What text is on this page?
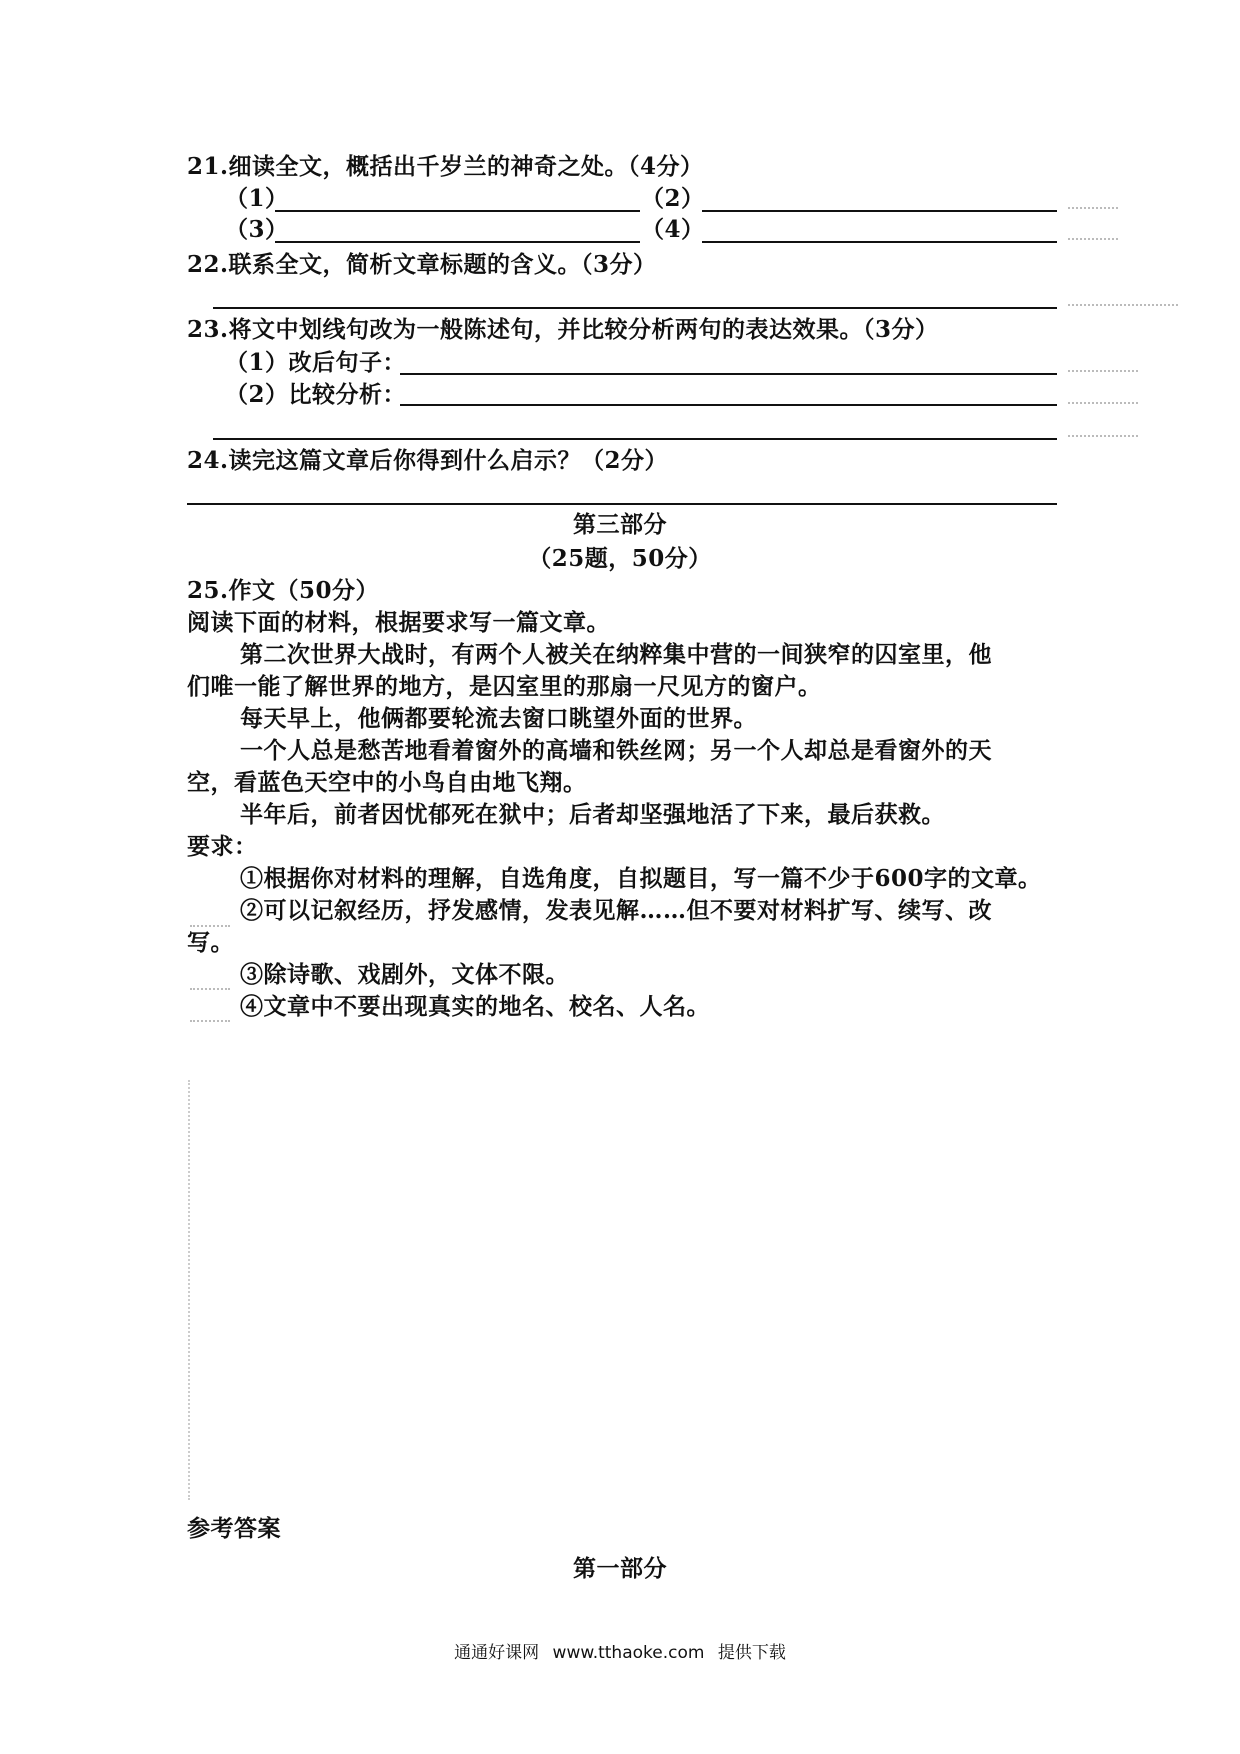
21.细读全文，概括出千岁兰的神奇之处。（4分）
（1）	（2）
（3）	（4）
22.联系全文，简析文章标题的含义。（3分）
23.将文中划线句改为一般陈述句，并比较分析两句的表达效果。（3分）
（1）改后句子：
（2）比较分析：
24.读完这篇文章后你得到什么启示？（2分）
第三部分
（25题，50分）
25.作文（50分）
阅读下面的材料，根据要求写一篇文章。
第二次世界大战时，有两个人被关在纳粹集中营的一间狭窄的囚室里，他
们唯一能了解世界的地方，是囚室里的那扇一尺见方的窗户。
每天早上，他俩都要轮流去窗口眺望外面的世界。
一个人总是愁苦地看着窗外的高墙和铁丝网；另一个人却总是看窗外的天
空，看蓝色天空中的小鸟自由地飞翔。
半年后，前者因忧郁死在狱中；后者却坚强地活了下来，最后获救。
要求：
①根据你对材料的理解，自选角度，自拟题目，写一篇不少于600字的文章。
②可以记叙经历，抒发感情，发表见解……但不要对材料扩写、续写、改
写。
③除诗歌、戏剧外，文体不限。
④文章中不要出现真实的地名、校名、人名。
参考答案
第一部分
通通好课网 www.tthaoke.com 提供下载
